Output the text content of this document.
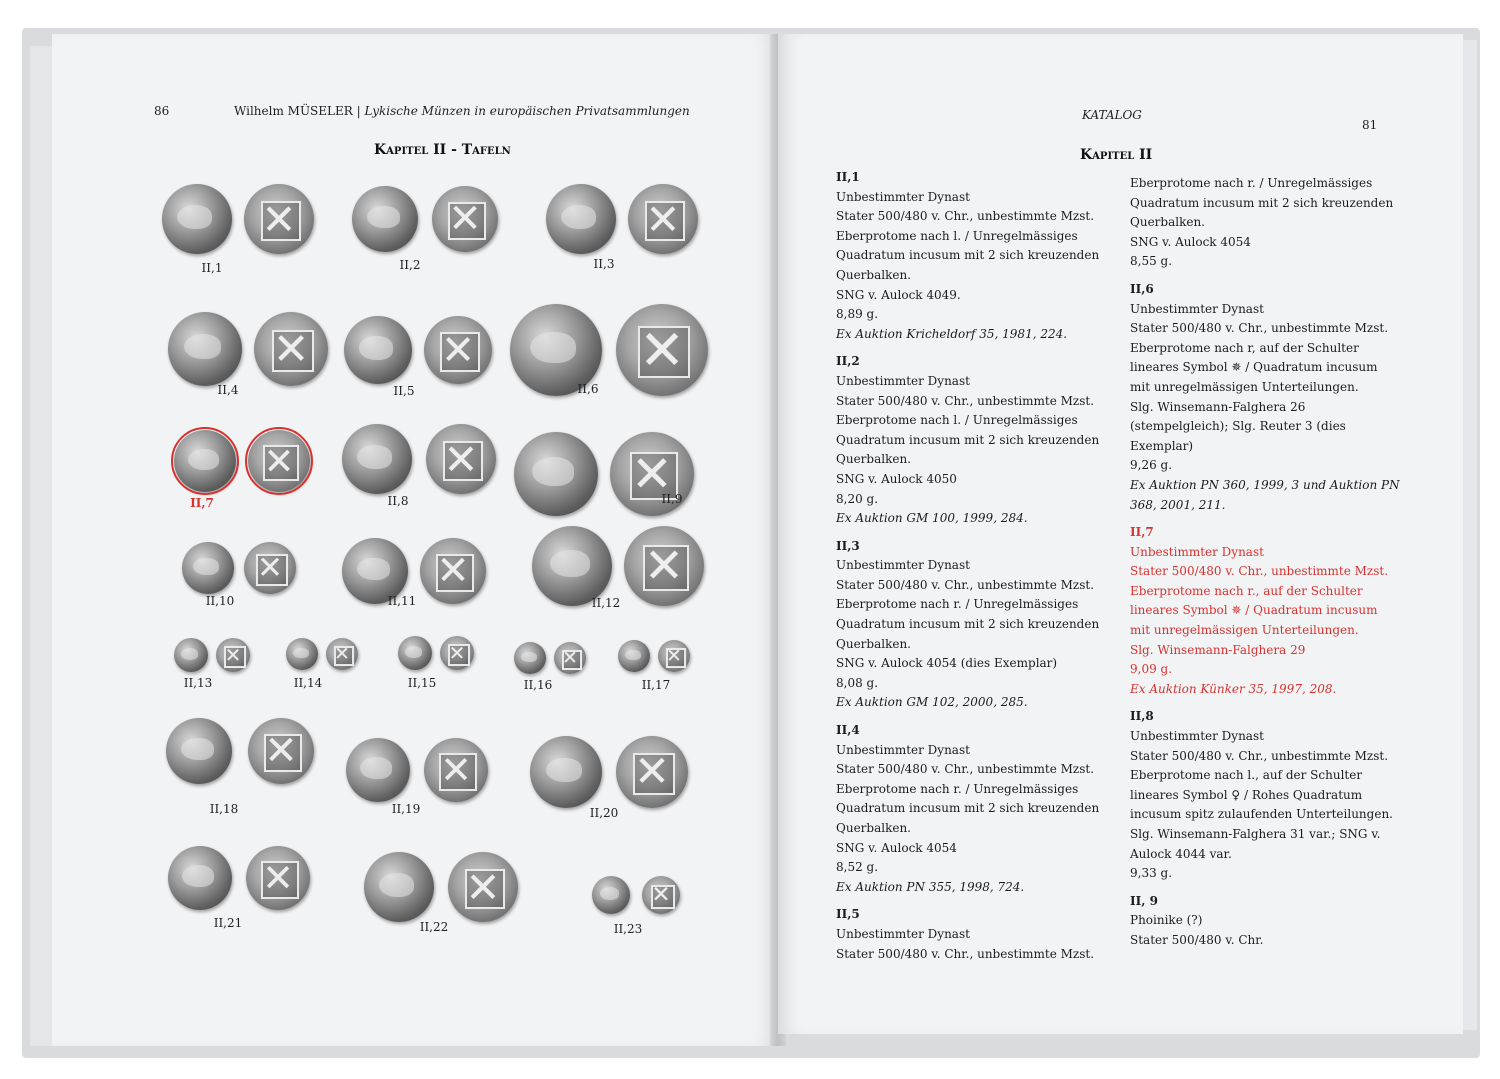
86	Wilhelm MÜSELER | Lykische Münzen in europäischen Privatsammlungen
Kapitel II - Tafeln
✕
II,1
✕	II,2
✕	II,3
✕
II,4
✕	II,5 ✕	II,6
✕
II,7
✕	II,8 ✕	II,9
✕
II,10 ✕	II,11 ✕	II,12
✕
II,13
✕	II,14
✕	II,15
✕	II,16
✕	II,17
✕
II,18
✕	II,19
✕	II,20
✕
II,21
✕	II,22
✕	II,23
KATALOG
81
Kapitel II
II,1
Unbestimmter Dynast
Stater 500/480 v. Chr., unbestimmte Mzst.
Eberprotome nach l. / Unregelmässiges Quadratum incusum mit 2 sich kreuzenden Querbalken.
SNG v. Aulock 4049.
8,89 g.
Ex Auktion Kricheldorf 35, 1981, 224.
II,2
Unbestimmter Dynast
Stater 500/480 v. Chr., unbestimmte Mzst.
Eberprotome nach l. / Unregelmässiges Quadratum incusum mit 2 sich kreuzenden Querbalken.
SNG v. Aulock 4050
8,20 g.
Ex Auktion GM 100, 1999, 284.
II,3
Unbestimmter Dynast
Stater 500/480 v. Chr., unbestimmte Mzst.
Eberprotome nach r. / Unregelmässiges Quadratum incusum mit 2 sich kreuzenden Querbalken.
SNG v. Aulock 4054 (dies Exemplar)
8,08 g.
Ex Auktion GM 102, 2000, 285.
II,4
Unbestimmter Dynast
Stater 500/480 v. Chr., unbestimmte Mzst.
Eberprotome nach r. / Unregelmässiges Quadratum incusum mit 2 sich kreuzenden Querbalken.
SNG v. Aulock 4054
8,52 g.
Ex Auktion PN 355, 1998, 724.
II,5
Unbestimmter Dynast
Stater 500/480 v. Chr., unbestimmte Mzst.
Eberprotome nach r. / Unregelmässiges Quadratum incusum mit 2 sich kreuzenden Querbalken.
SNG v. Aulock 4054
8,55 g.
II,6
Unbestimmter Dynast
Stater 500/480 v. Chr., unbestimmte Mzst.
Eberprotome nach r, auf der Schulter lineares Symbol ✵ / Quadratum incusum mit unregelmässigen Unterteilungen.
Slg. Winsemann-Falghera 26 (stempelgleich); Slg. Reuter 3 (dies Exemplar)
9,26 g.
Ex Auktion PN 360, 1999, 3 und Auktion PN 368, 2001, 211.
II,7
Unbestimmter Dynast
Stater 500/480 v. Chr., unbestimmte Mzst.
Eberprotome nach r., auf der Schulter lineares Symbol ✵ / Quadratum incusum mit unregelmässigen Unterteilungen.
Slg. Winsemann-Falghera 29
9,09 g.
Ex Auktion Künker 35, 1997, 208.
II,8
Unbestimmter Dynast
Stater 500/480 v. Chr., unbestimmte Mzst.
Eberprotome nach l., auf der Schulter lineares Symbol ♀ / Rohes Quadratum incusum spitz zulaufenden Unterteilungen.
Slg. Winsemann-Falghera 31 var.; SNG v. Aulock 4044 var.
9,33 g.
II, 9
Phoinike (?)
Stater 500/480 v. Chr.
